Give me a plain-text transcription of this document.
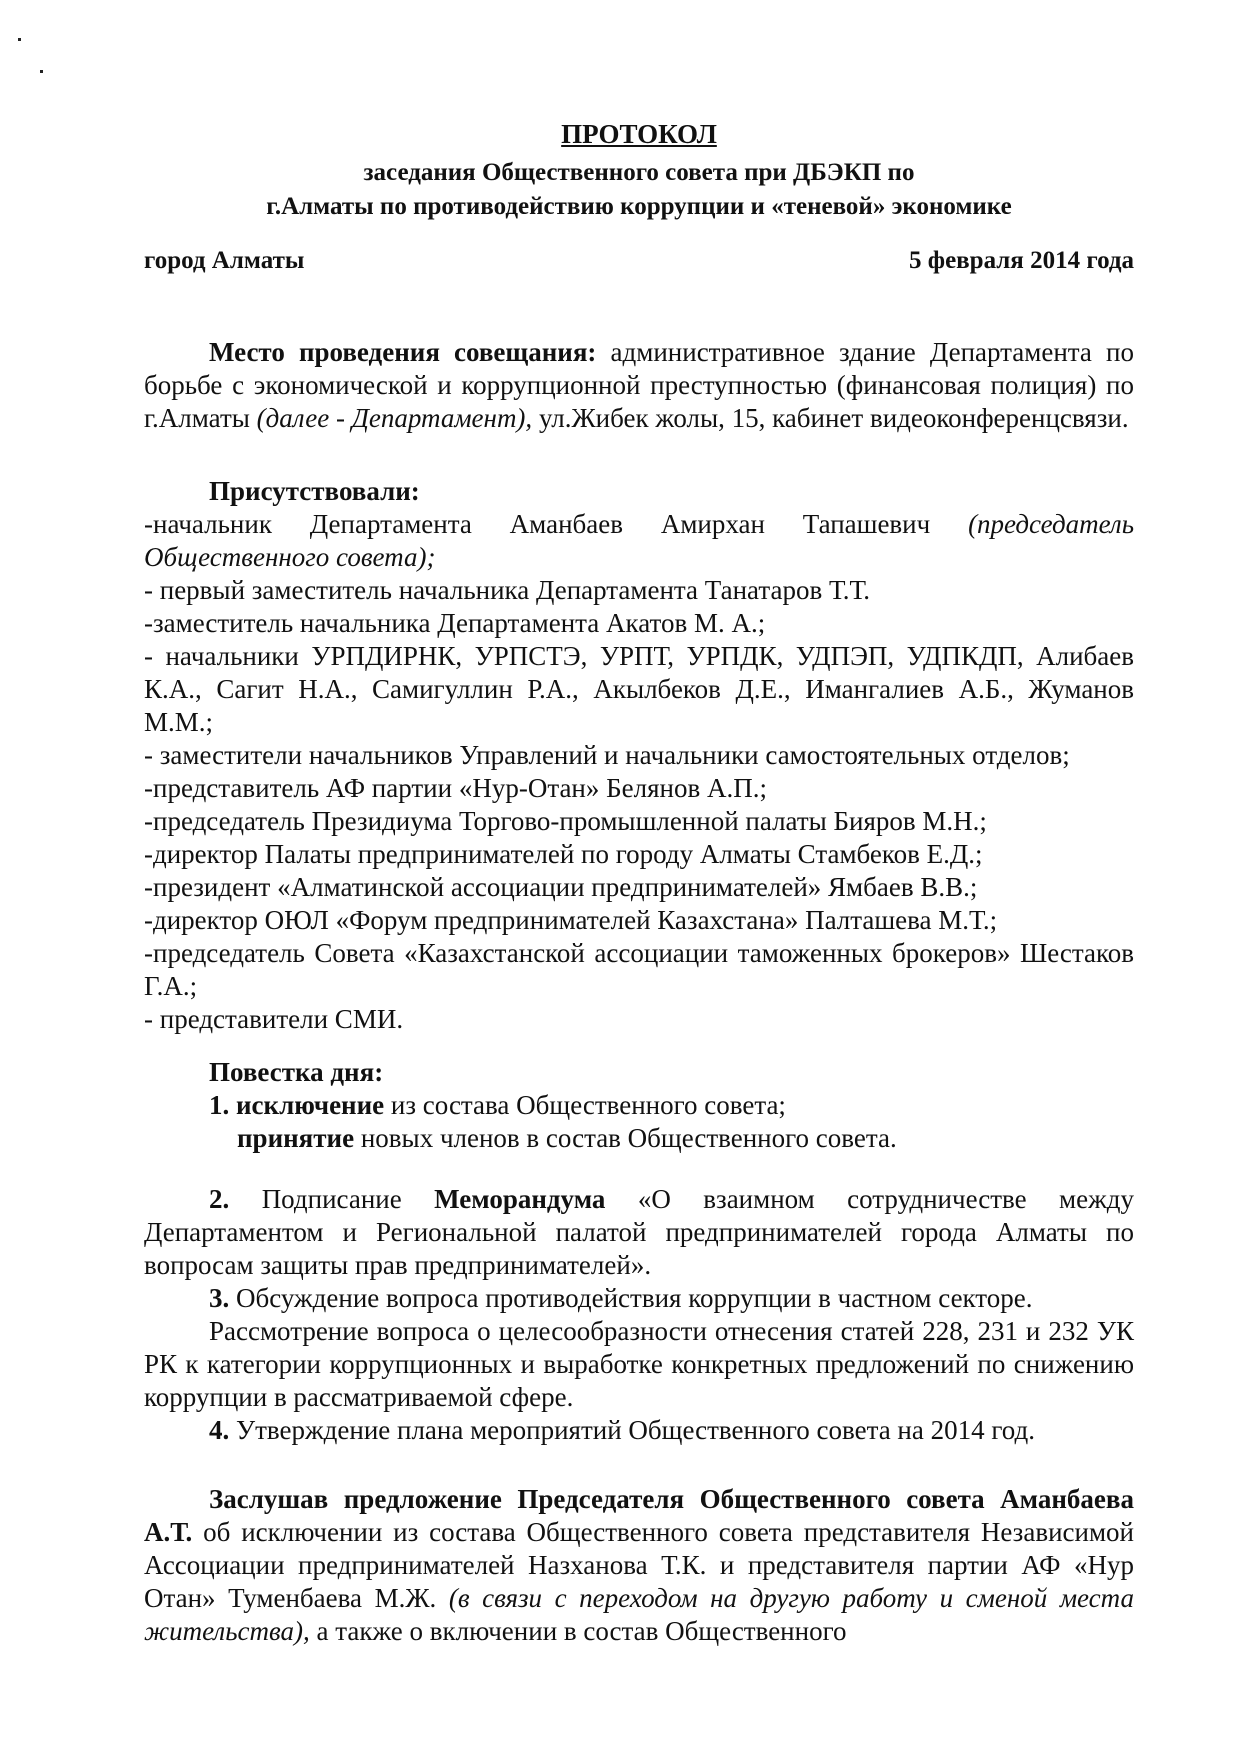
ПРОТОКОЛ
заседания Общественного совета при ДБЭКП по
г.Алматы по противодействию коррупции и «теневой» экономике
город Алматы	5 февраля 2014 года

Место проведения совещания: административное здание Департамента по борьбе с экономической и коррупционной преступностью (финансовая полиция) по г.Алматы (далее - Департамент), ул.Жибек жолы, 15, кабинет видеоконференцсвязи.

Присутствовали:

-начальник Департамента Аманбаев Амирхан Тапашевич (председатель Общественного совета);

- первый заместитель начальника Департамента Танатаров Т.Т.

-заместитель начальника Департамента Акатов М. А.;

- начальники УРПДИРНК, УРПСТЭ, УРПТ, УРПДК, УДПЭП, УДПКДП, Алибаев К.А., Сагит Н.А., Самигуллин Р.А., Акылбеков Д.Е., Имангалиев А.Б., Жуманов М.М.;

- заместители начальников Управлений и начальники самостоятельных отделов;

-представитель АФ партии «Нур-Отан» Белянов А.П.;

-председатель Президиума Торгово-промышленной палаты Бияров М.Н.;

-директор Палаты предпринимателей по городу Алматы Стамбеков Е.Д.;

-президент «Алматинской ассоциации предпринимателей» Ямбаев В.В.;

-директор ОЮЛ «Форум предпринимателей Казахстана» Палташева М.Т.;

-председатель Совета «Казахстанской ассоциации таможенных брокеров» Шестаков Г.А.;

- представители СМИ.

Повестка дня:

1. исключение из состава Общественного совета;

принятие новых членов в состав Общественного совета.

2. Подписание Меморандума «О взаимном сотрудничестве между Департаментом и Региональной палатой предпринимателей города Алматы по вопросам защиты прав предпринимателей».

3. Обсуждение вопроса противодействия коррупции в частном секторе.

Рассмотрение вопроса о целесообразности отнесения статей 228, 231 и 232 УК РК к категории коррупционных и выработке конкретных предложений по снижению коррупции в рассматриваемой сфере.

4. Утверждение плана мероприятий Общественного совета на 2014 год.

Заслушав предложение Председателя Общественного совета Аманбаева А.Т. об исключении из состава Общественного совета представителя Независимой Ассоциации предпринимателей Назханова Т.К. и представителя партии АФ «Нур Отан» Туменбаева М.Ж. (в связи с переходом на другую работу и сменой места жительства), а также о включении в состав Общественного
